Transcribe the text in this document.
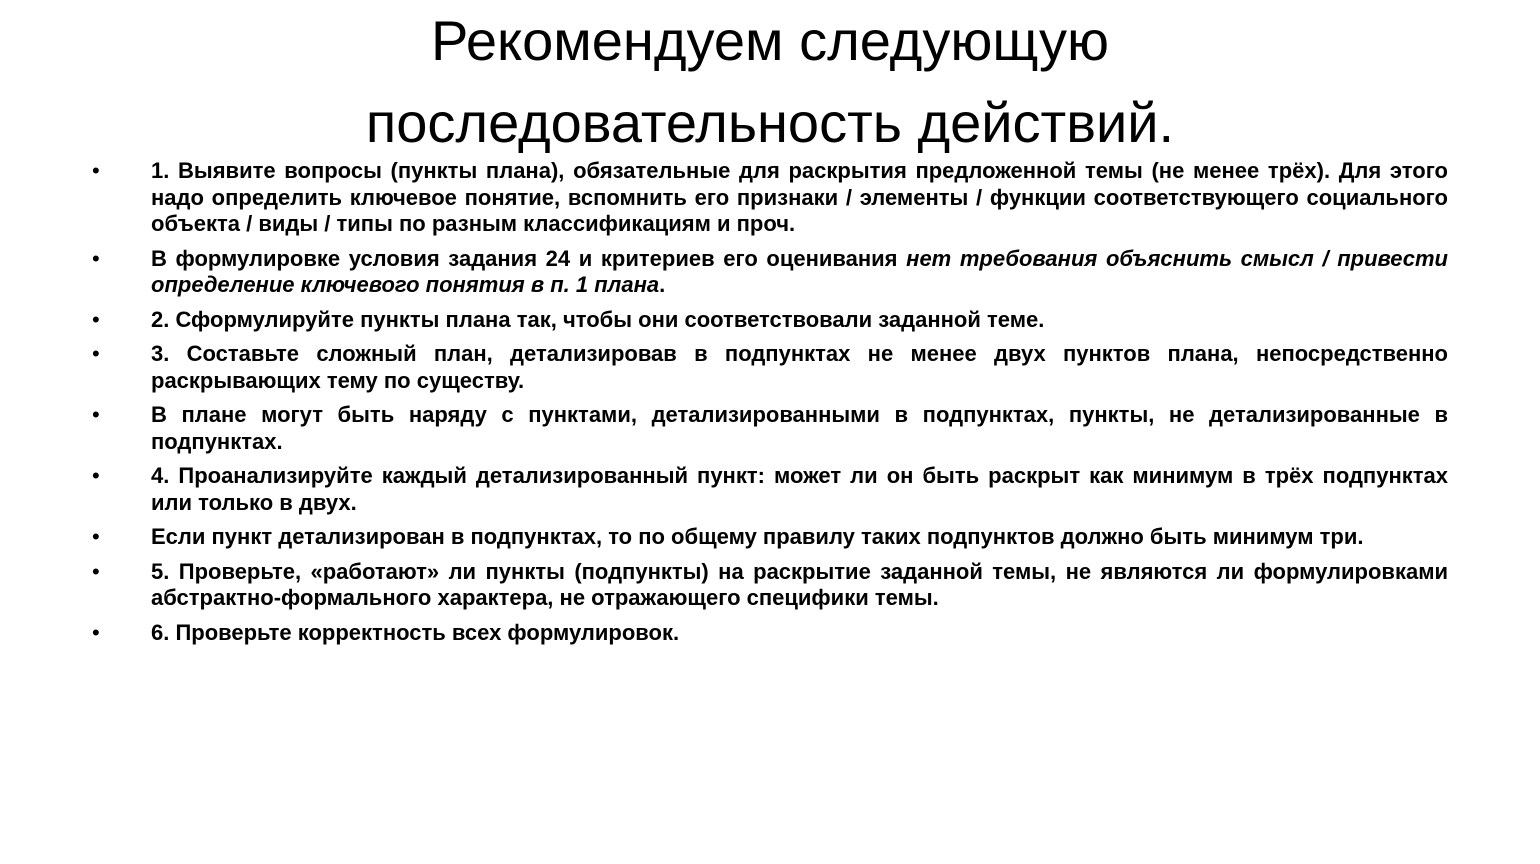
Рекомендуем следующую
последовательность действий.
• 1. Выявите вопросы (пункты плана), обязательные для раскрытия предложенной темы (не менее трёх). Для этого надо определить ключевое понятие, вспомнить его признаки / элементы / функции соответствующего социального объекта / виды / типы по разным классификациям и проч.
• В формулировке условия задания 24 и критериев его оценивания нет требования объяснить смысл / привести определение ключевого понятия в п. 1 плана.
• 2. Сформулируйте пункты плана так, чтобы они соответствовали заданной теме.
• 3. Составьте сложный план, детализировав в подпунктах не менее двух пунктов плана, непосредственно раскрывающих тему по существу.
• В плане могут быть наряду с пунктами, детализированными в подпунктах, пункты, не детализированные в подпунктах.
• 4. Проанализируйте каждый детализированный пункт: может ли он быть раскрыт как минимум в трёх подпунктах или только в двух.
• Если пункт детализирован в подпунктах, то по общему правилу таких подпунктов должно быть минимум три.
• 5. Проверьте, «работают» ли пункты (подпункты) на раскрытие заданной темы, не являются ли формулировками абстрактно-формального характера, не отражающего специфики темы.
• 6. Проверьте корректность всех формулировок.
